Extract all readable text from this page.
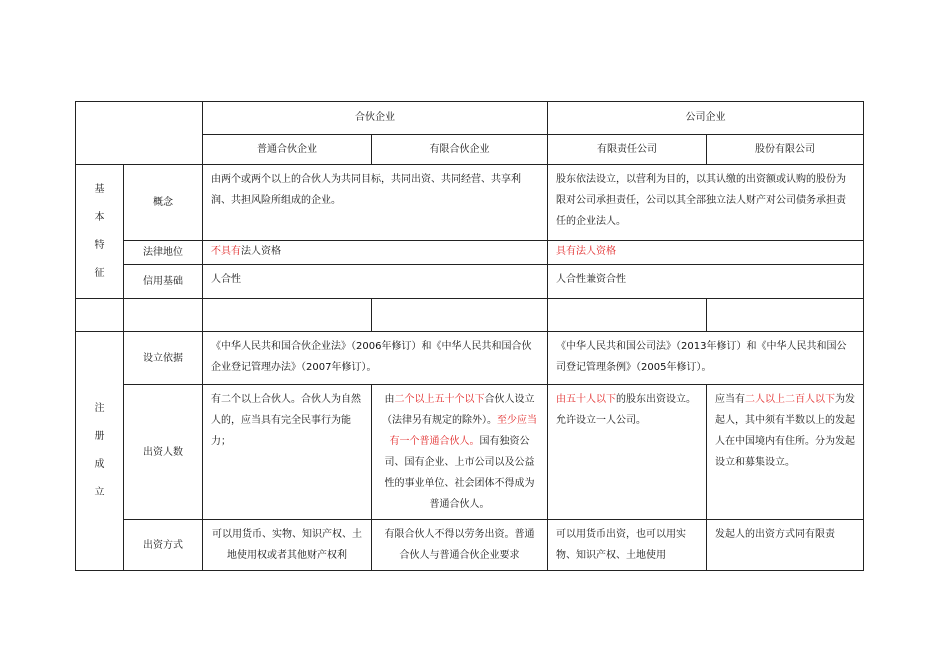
		合伙企业		公司企业	
		普通合伙企业	有限合伙企业	有限责任公司	股份有限公司

基
本
特
征	概念	由两个或两个以上的合伙人为共同目标，共同出资、共同经营、共享利润、共担风险所组成的企业。		股东依法设立，以营利为目的，以其认缴的出资额或认购的股份为限对公司承担责任，公司以其全部独立法人财产对公司债务承担责任的企业法人。	
	法律地位	不具有法人资格		具有法人资格	
	信用基础	人合性		人合性兼资合性	

注
册
成
立	设立依据	《中华人民共和国合伙企业法》（2006年修订）和《中华人民共和国合伙企业登记管理办法》（2007年修订）。		《中华人民共和国公司法》（2013年修订）和《中华人民共和国公司登记管理条例》（2005年修订）。	
	出资人数	有二个以上合伙人。合伙人为自然人的，应当具有完全民事行为能力；	由二个以上五十个以下合伙人设立（法律另有规定的除外）。至少应当有一个普通合伙人。国有独资公司、国有企业、上市公司以及公益性的事业单位、社会团体不得成为普通合伙人。	由五十人以下的股东出资设立。允许设立一人公司。	应当有二人以上二百人以下为发起人，其中须有半数以上的发起人在中国境内有住所。分为发起设立和募集设立。
	出资方式	可以用货币、实物、知识产权、土地使用权或者其他财产权利	有限合伙人不得以劳务出资。普通合伙人与普通合伙企业要求	可以用货币出资，也可以用实物、知识产权、土地使用	发起人的出资方式同有限责
